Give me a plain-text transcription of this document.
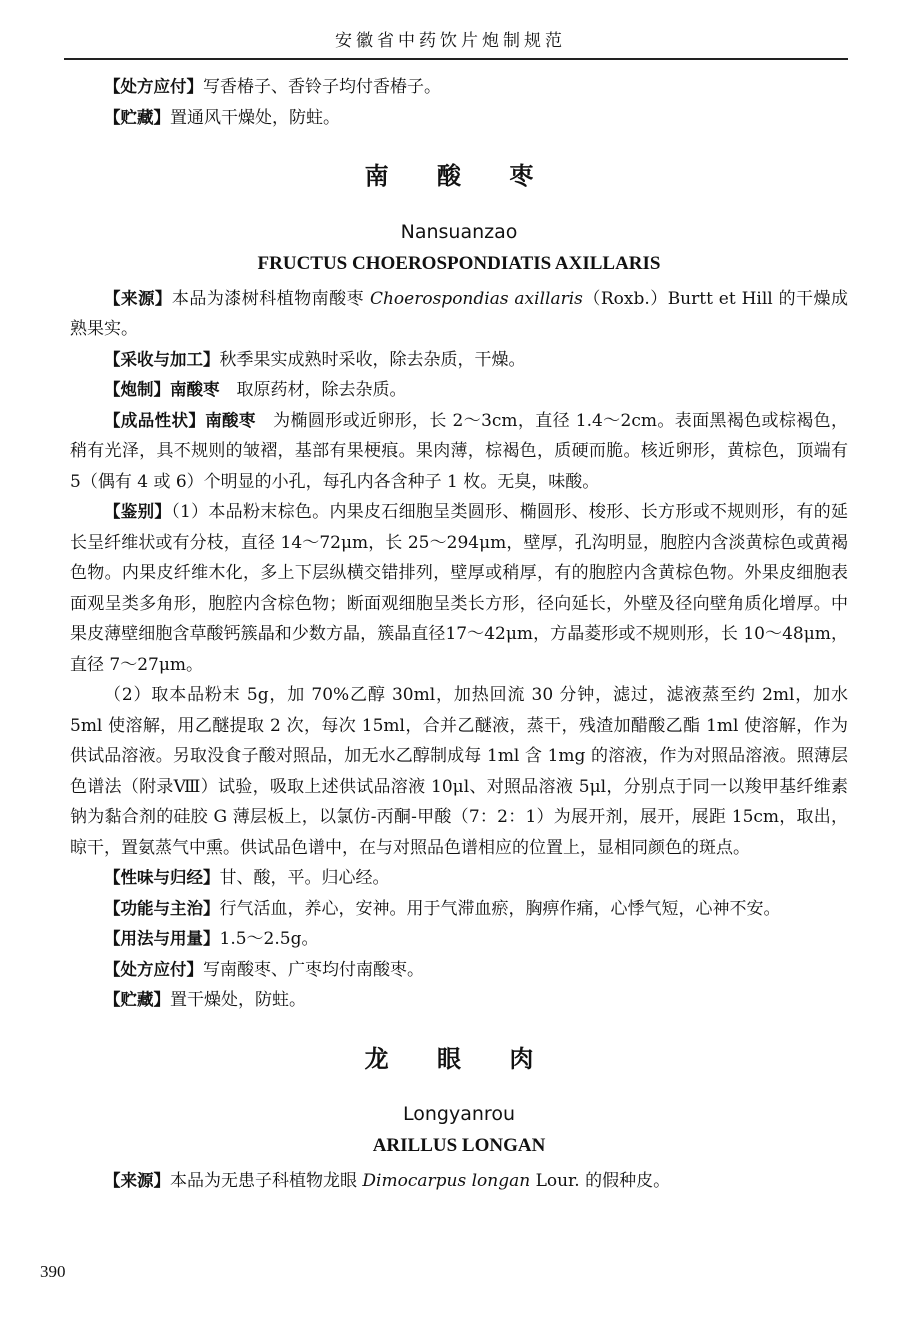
安徽省中药饮片炮制规范

【处方应付】写香椿子、香铃子均付香椿子。

【贮藏】置通风干燥处，防蛀。

南 酸 枣

Nansuanzao

FRUCTUS CHOEROSPONDIATIS AXILLARIS

【来源】本品为漆树科植物南酸枣 Choerospondias axillaris（Roxb.）Burtt et Hill 的干燥成熟果实。

【采收与加工】秋季果实成熟时采收，除去杂质，干燥。

【炮制】南酸枣　取原药材，除去杂质。

【成品性状】南酸枣　为椭圆形或近卵形，长 2～3cm，直径 1.4～2cm。表面黑褐色或棕褐色，稍有光泽，具不规则的皱褶，基部有果梗痕。果肉薄，棕褐色，质硬而脆。核近卵形，黄棕色，顶端有 5（偶有 4 或 6）个明显的小孔，每孔内各含种子 1 枚。无臭，味酸。

【鉴别】（1）本品粉末棕色。内果皮石细胞呈类圆形、椭圆形、梭形、长方形或不规则形，有的延长呈纤维状或有分枝，直径 14～72μm，长 25～294μm，壁厚，孔沟明显，胞腔内含淡黄棕色或黄褐色物。内果皮纤维木化，多上下层纵横交错排列，壁厚或稍厚，有的胞腔内含黄棕色物。外果皮细胞表面观呈类多角形，胞腔内含棕色物；断面观细胞呈类长方形，径向延长，外壁及径向壁角质化增厚。中果皮薄壁细胞含草酸钙簇晶和少数方晶，簇晶直径17～42μm，方晶菱形或不规则形，长 10～48μm，直径 7～27μm。

（2）取本品粉末 5g，加 70%乙醇 30ml，加热回流 30 分钟，滤过，滤液蒸至约 2ml，加水 5ml 使溶解，用乙醚提取 2 次，每次 15ml，合并乙醚液，蒸干，残渣加醋酸乙酯 1ml 使溶解，作为供试品溶液。另取没食子酸对照品，加无水乙醇制成每 1ml 含 1mg 的溶液，作为对照品溶液。照薄层色谱法（附录Ⅷ）试验，吸取上述供试品溶液 10μl、对照品溶液 5μl，分别点于同一以羧甲基纤维素钠为黏合剂的硅胶 G 薄层板上，以氯仿-丙酮-甲酸（7：2：1）为展开剂，展开，展距 15cm，取出，晾干，置氨蒸气中熏。供试品色谱中，在与对照品色谱相应的位置上，显相同颜色的斑点。

【性味与归经】甘、酸，平。归心经。

【功能与主治】行气活血，养心，安神。用于气滞血瘀，胸痹作痛，心悸气短，心神不安。

【用法与用量】1.5～2.5g。

【处方应付】写南酸枣、广枣均付南酸枣。

【贮藏】置干燥处，防蛀。

龙 眼 肉

Longyanrou

ARILLUS LONGAN

【来源】本品为无患子科植物龙眼 Dimocarpus longan Lour. 的假种皮。

390
